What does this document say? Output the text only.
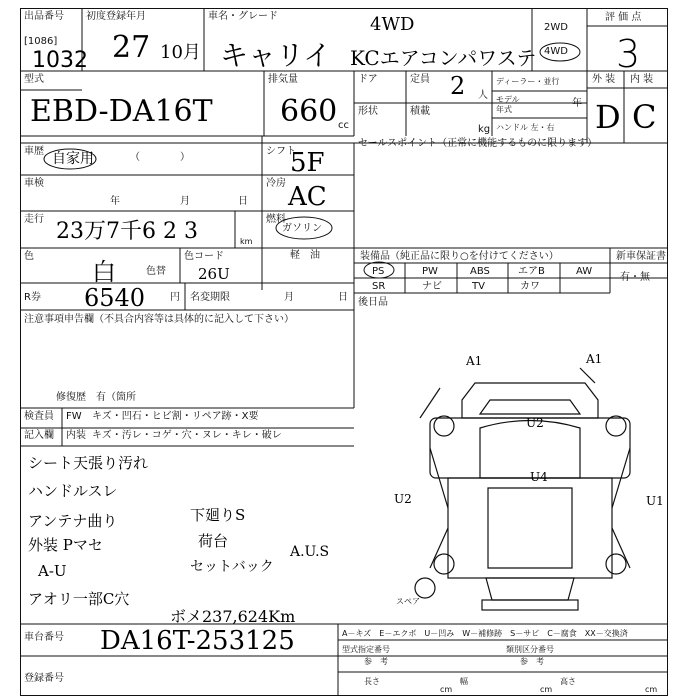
出品番号
[1086]
1032
初度登録年月
27 10月
車名・グレード
キャリイ
4WD
KCエアコンパワステ
2WD
4WD
評 価 点
3
外 装 内 装
D C
型式
EBD-DA16T
排気量
660 cc
ドア	定員 2 人
形状	積載
kg
ディーラー・並行
モデル
年式
年
ハンドル 左・右
車歴 自家用	（　　　　）
シフト
5F
車検
年	月	日
冷房 AC
走行 23万7千6 2 3	km
燃料
ガソリン
軽　油
色
白	色替
色コード
26U
R券 6540 円 名変期限	月	日
注意事項申告欄（不具合内容等は具体的に記入して下さい）
修復歴　有（箇所
セールスポイント（正常に機能するものに限ります）
装備品（純正品に限り○を付けてください）	新車保証書
有・無
PS	PW	ABS	エアB	AW
SR	ナビ	TV	カワ
後日品
検査員
記入欄
FW キズ・凹石・ヒビ割・リペア跡・X要
内装 キズ・汚レ・コゲ・穴・ヌレ・キレ・破レ
シート天張り汚れ
ハンドルスレ
アンテナ曲り
外装 Pマセ
A-U
アオリ一部C穴
下廻りS
荷台
セットバック
A.U.S
A1	A1
U2
U4
U2	U1
スペア
ボメ237,624Km
車台番号 DA16T-253125
登録番号
A－キズ　E－エクボ　U－凹み　W－補修跡　S－サビ　C－腐食　XX－交換済
型式指定番号
参　考
類別区分番号
参　考
長さ
cm
幅
cm
高さ
cm
